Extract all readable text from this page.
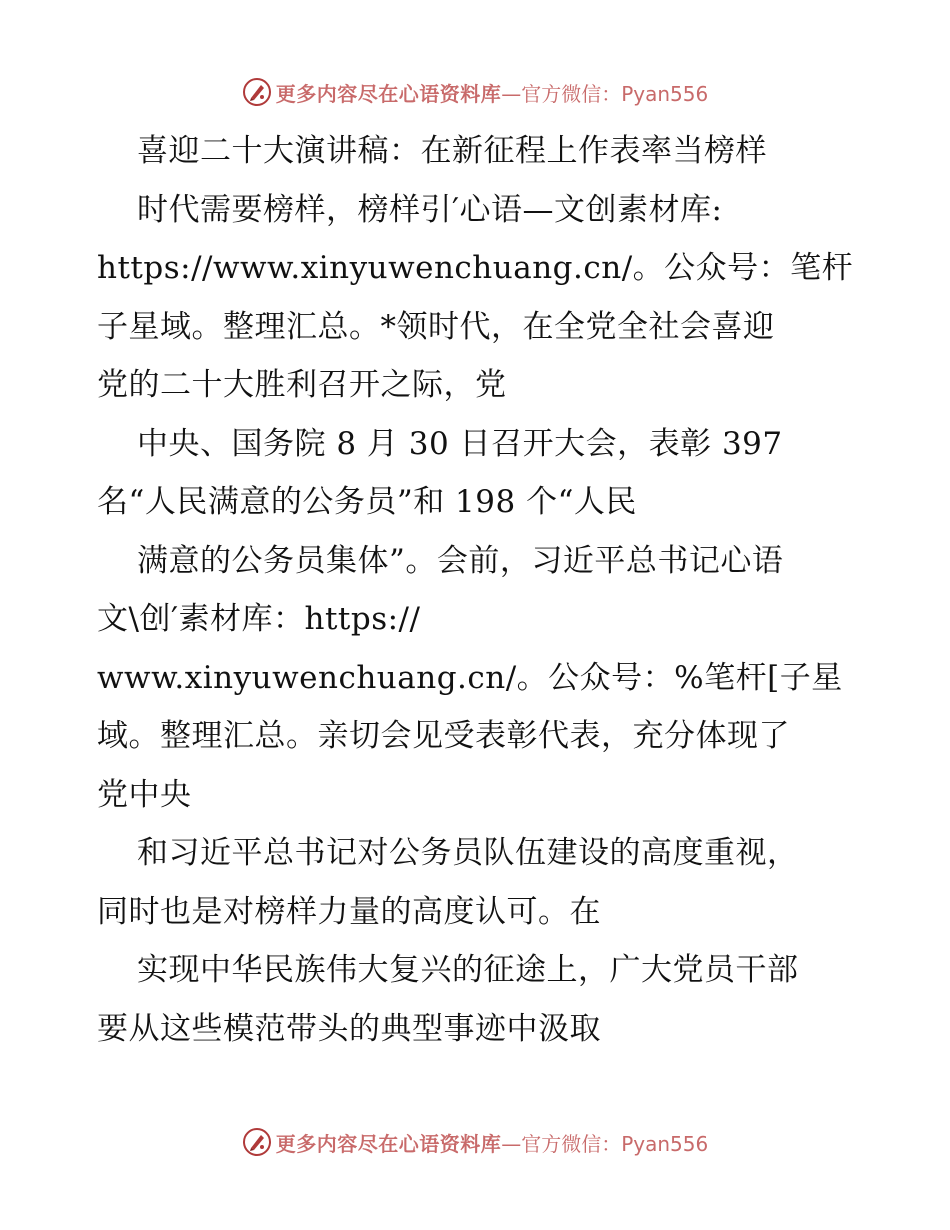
更多内容尽在心语资料库 —官方微信：Pyan556
喜迎二十大演讲稿：在新征程上作表率当榜样
时代需要榜样，榜样引′心语—文创素材库:
https://www.xinyuwenchuang.cn/。公众号：笔杆
子星域。整理汇总。*领时代，在全党全社会喜迎
党的二十大胜利召开之际，党
中央、国务院 8 月 30 日召开大会，表彰 397
名“人民满意的公务员”和 198 个“人民
满意的公务员集体”。会前，习近平总书记心语
文\创′素材库：https://
www.xinyuwenchuang.cn/。公众号：%笔杆[子星
域。整理汇总。亲切会见受表彰代表，充分体现了
党中央
和习近平总书记对公务员队伍建设的高度重视，
同时也是对榜样力量的高度认可。在
实现中华民族伟大复兴的征途上，广大党员干部
要从这些模范带头的典型事迹中汲取
更多内容尽在心语资料库 —官方微信：Pyan556
